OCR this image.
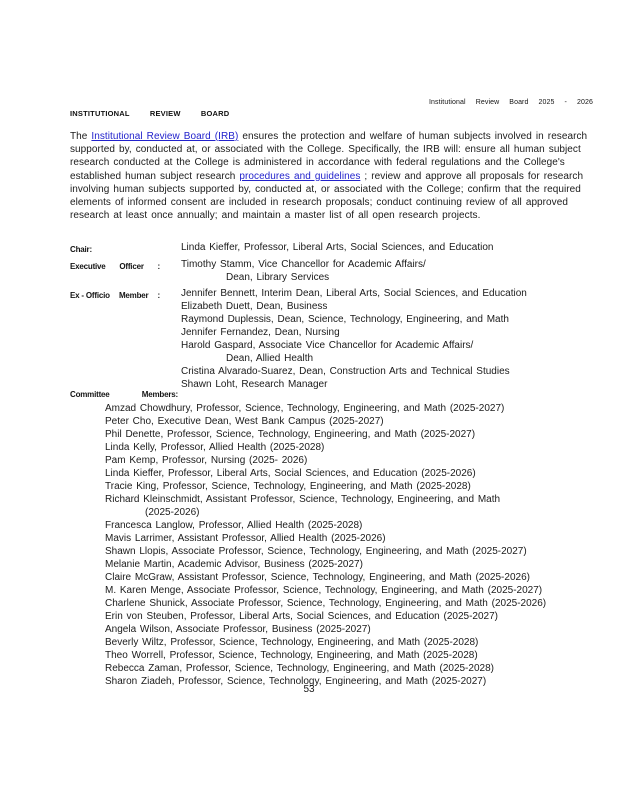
Institutional Review Board 2025 - 2026
INSTITUTIONAL REVIEW BOARD

The Institutional Review Board (IRB) ensures the protection and welfare of human subjects involved in research supported by, conducted at, or associated with the College. Specifically, the IRB will: ensure all human subject research conducted at the College is administered in accordance with federal regulations and the College's established human subject research procedures and guidelines ; review and approve all proposals for research involving human subjects supported by, conducted at, or associated with the College; confirm that the required elements of informed consent are included in research proposals; conduct continuing review of all approved research at least once annually; and maintain a master list of all open research projects.

Chair:	Linda Kieffer, Professor, Liberal Arts, Social Sciences, and Education
Executive Officer : Timothy Stamm, Vice Chancellor for Academic Affairs/
Dean, Library Services
Ex - Officio Member : Jennifer Bennett, Interim Dean, Liberal Arts, Social Sciences, and Education
Elizabeth Duett, Dean, Business
Raymond Duplessis, Dean, Science, Technology, Engineering, and Math
Jennifer Fernandez, Dean, Nursing
Harold Gaspard, Associate Vice Chancellor for Academic Affairs/
Dean, Allied Health
Cristina Alvarado-Suarez, Dean, Construction Arts and Technical Studies
Shawn Loht, Research Manager
Committee	Members:
Amzad Chowdhury, Professor, Science, Technology, Engineering, and Math (2025-2027)
Peter Cho, Executive Dean, West Bank Campus (2025-2027)
Phil Denette, Professor, Science, Technology, Engineering, and Math (2025-2027)
Linda Kelly, Professor, Allied Health (2025-2028)
Pam Kemp, Professor, Nursing (2025- 2026)
Linda Kieffer, Professor, Liberal Arts, Social Sciences, and Education (2025-2026)
Tracie King, Professor, Science, Technology, Engineering, and Math (2025-2028)
Richard Kleinschmidt, Assistant Professor, Science, Technology, Engineering, and Math
(2025-2026)
Francesca Langlow, Professor, Allied Health (2025-2028)
Mavis Larrimer, Assistant Professor, Allied Health (2025-2026)
Shawn Llopis, Associate Professor, Science, Technology, Engineering, and Math (2025-2027)
Melanie Martin, Academic Advisor, Business (2025-2027)
Claire McGraw, Assistant Professor, Science, Technology, Engineering, and Math (2025-2026)
M. Karen Menge, Associate Professor, Science, Technology, Engineering, and Math (2025-2027)
Charlene Shunick, Associate Professor, Science, Technology, Engineering, and Math (2025-2026)
Erin von Steuben, Professor, Liberal Arts, Social Sciences, and Education (2025-2027)
Angela Wilson, Associate Professor, Business (2025-2027)
Beverly Wiltz, Professor, Science, Technology, Engineering, and Math (2025-2028)
Theo Worrell, Professor, Science, Technology, Engineering, and Math (2025-2028)
Rebecca Zaman, Professor, Science, Technology, Engineering, and Math (2025-2028)
Sharon Ziadeh, Professor, Science, Technology, Engineering, and Math (2025-2027)
53
